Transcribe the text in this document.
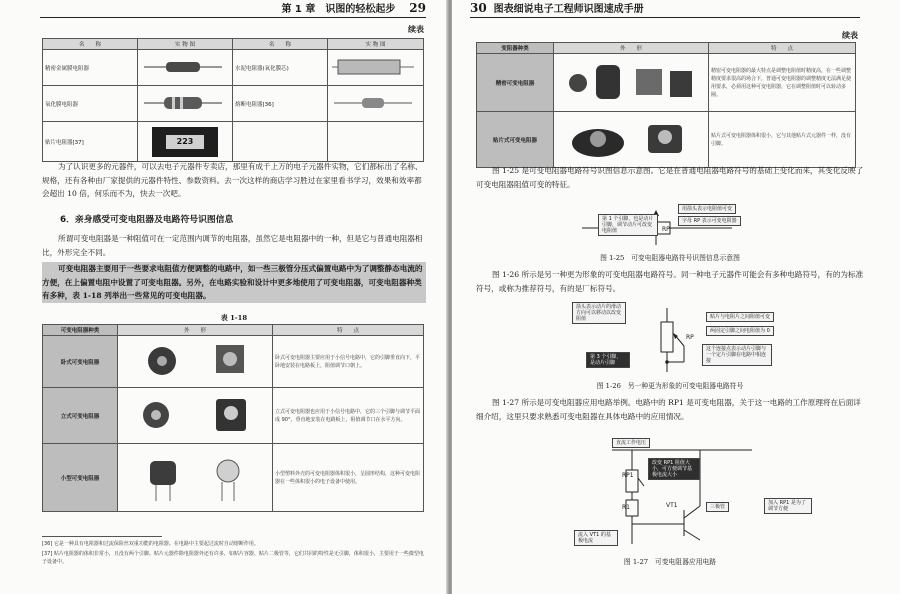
第 1 章　识图的轻松起步 29
续表
名　　称	实 物 图	名　　称	实 物 图
精密金属膜电阻器		水泥电阻器(氧化膜芯)	
氧化膜电阻器		熔断电阻器[36]	
贴片电阻器[37]	223		

为了认识更多的元器件，可以去电子元器件专卖店，那里有成千上万的电子元器件实物，它们都标出了名称、规格，还有各种由厂家提供的元器件特性、参数资料。去一次这样的商店学习胜过在家里看书学习，效果和效率都会超出 10 倍，何乐而不为，快去一次吧。
6．亲身感受可变电阻器及电路符号识图信息
所谓可变电阻器是一种阻值可在一定范围内调节的电阻器，虽然它是电阻器中的一种，但是它与普通电阻器相比，外形完全不同。
可变电阻器主要用于一些要求电阻值方便调整的电路中，如一些三极管分压式偏置电路中为了调整静态电流的方便，在上偏置电阻中设置了可变电阻器。另外，在电路实验和设计中更多地使用了可变电阻器，可变电阻器种类有多种，表 1-18 列举出一些常见的可变电阻器。
表 1-18
可变电阻器种类	外　　形	特　　点
卧式可变电阻器		卧式可变电阻器主要应用于小信号电路中，它的引脚垂直向下，平卧地安装在电路板上，阻值调节口朝上。
立式可变电阻器		立式可变电阻器也应用于小信号电路中，它的三个引脚与调节平面成 90°，垂直地安装在电路板上，阻值调节口在水平方向。
小型可变电阻器		小型塑料外壳的可变电阻器体积很小，呈圆形结构，这种可变电阻器在一些体积很小的电子设备中使用。
[36] 它是一种具有电阻器和过流保险丝双重功能的电阻器。在电路中主要起过流时自动熔断作用。
[37] 贴片电阻器的体积非常小，且没有两个引脚。贴片元器件除电阻器外还有许多，如贴片容器、贴片二极管等，它们共同的特性是无引脚，体积很小，主要用于一些微型电子设备中。
30 图表细说电子工程师识图速成手册
续表
变阻器种类	外　　形	特　　点
精密可变电阻器		精密可变电阻器的最大特点是调整电阻值时精度高，在一些调整精度要求很高的场合下，普通可变电阻器的调整精度无法满足使用要求，必须用这种可变电阻器，它在调整阻值时可以转动多圈。
贴片式可变电阻器		贴片式可变电阻器体积很小，它与其他贴片式元器件一样，没有引脚。
图 1-25 是可变电阻器电路符号识图信息示意图。它是在普通电阻器电路符号的基础上变化而来，其变化反映了可变电阻器阻值可变的特征。
用箭头表示电阻值可变
字母 RP 表示可变电阻器
第 1 个引脚，也是动片引脚，调节动片可改变电阻值	RP
图 1-25　可变电阻器电路符号识图信息示意图
图 1-26 所示是另一种更为形象的可变电阻器电路符号。同一种电子元器件可能会有多种电路符号，有的为标准符号，或称为推荐符号，有的是厂标符号。
RP
箭头表示动片的滑动方向可以移动以改变阻值	贴片与电阻片之间阻值可变
两固定引脚之间电阻值为 0
第 3 个引脚，是动片引脚
这个连接点表示动片引脚与一个定片引脚在电路中相连接
图 1-26　另一种更为形象的可变电阻器电路符号
图 1-27 所示是可变电阻器应用电路举例。电路中的 RP1 是可变电阻器，关于这一电路的工作原理将在后面详细介绍，这里只要求熟悉可变电阻器在具体电路中的应用情况。
直流工作电压
RP1
R1	VT1
改变 RP1 阻值大小，可方便调节基极电流大小
三极管
加入 RP1 是为了调节方便
流入 VT1 的基极电流
图 1-27　可变电阻器应用电路
